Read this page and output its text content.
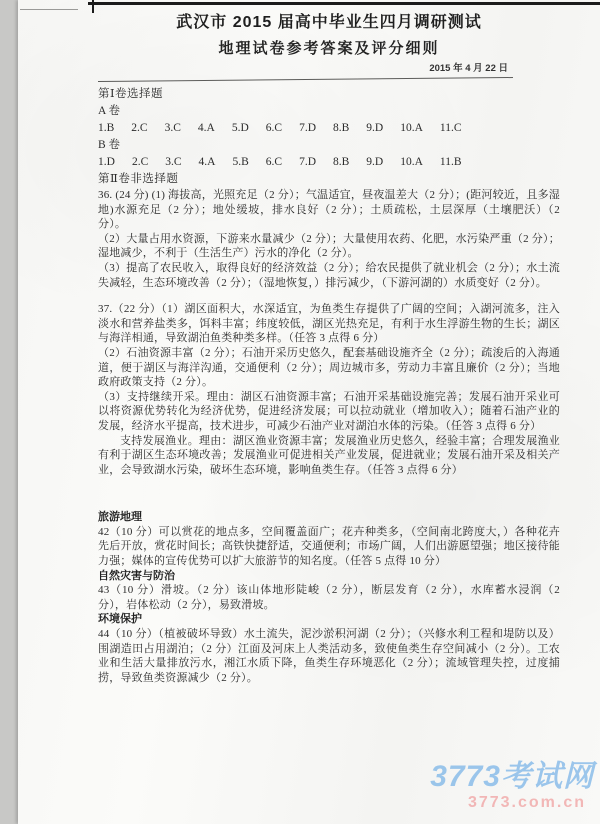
武汉市 2015 届高中毕业生四月调研测试
地理试卷参考答案及评分细则
2015 年 4 月 22 日
第Ⅰ卷选择题
A 卷
1.B 2.C 3.C 4.A 5.D 6.C 7.D 8.B 9.D 10.A 11.C
B 卷
1.D 2.C 3.C 4.A 5.B 6.C 7.D 8.B 9.D 10.A 11.B
第Ⅱ卷非选择题

36. (24 分) (1) 海拔高，光照充足（2 分）；气温适宜，昼夜温差大（2 分）；(距河较近，且多湿地)水源充足（2 分）；地处缓坡，排水良好（2 分）；土质疏松，土层深厚（土壤肥沃）（2 分）。

（2）大量占用水资源，下游来水量减少（2 分）；大量使用农药、化肥，水污染严重（2 分）；湿地减少，不利于（生活生产）污水的净化（2 分）。

（3）提高了农民收入，取得良好的经济效益（2 分）；给农民提供了就业机会（2 分）；水土流失减轻，生态环境改善（2 分）；（湿地恢复，）排污减少，（下游河湖的）水质变好（2 分）。

37.（22 分）（1）湖区面积大，水深适宜，为鱼类生存提供了广阔的空间；入湖河流多，注入淡水和营养盐类多，饵料丰富；纬度较低，湖区光热充足，有利于水生浮游生物的生长；湖区与海洋相通，导致湖泊鱼类种类多样。（任答 3 点得 6 分）

（2）石油资源丰富（2 分）；石油开采历史悠久，配套基础设施齐全（2 分）；疏浚后的入海通道，便于湖区与海洋沟通，交通便利（2 分）；周边城市多，劳动力丰富且廉价（2 分）；当地政府政策支持（2 分）。

（3）支持继续开采。理由：湖区石油资源丰富；石油开采基础设施完善；发展石油开采业可以将资源优势转化为经济优势，促进经济发展；可以拉动就业（增加收入）；随着石油产业的发展，经济水平提高，技术进步，可减少石油产业对湖泊水体的污染。（任答 3 点得 6 分）

支持发展渔业。理由：湖区渔业资源丰富；发展渔业历史悠久，经验丰富；合理发展渔业有利于湖区生态环境改善；发展渔业可促进相关产业发展，促进就业；发展石油开采及相关产业，会导致湖水污染，破坏生态环境，影响鱼类生存。（任答 3 点得 6 分）

旅游地理

42（10 分）可以赏花的地点多，空间覆盖面广；花卉种类多，（空间南北跨度大，）各种花卉先后开放，赏花时间长；高铁快捷舒适，交通便利；市场广阔，人们出游愿望强；地区接待能力强；媒体的宣传优势可以扩大旅游节的知名度。（任答 5 点得 10 分）

自然灾害与防治

43（10 分）滑坡。（2 分）该山体地形陡峻（2 分），断层发育（2 分），水库蓄水浸润（2 分），岩体松动（2 分），易致滑坡。

环境保护

44（10 分）（植被破坏导致）水土流失，泥沙淤积河湖（2 分）；（兴修水利工程和堤防以及）围湖造田占用湖泊；（2 分）江面及河床上人类活动多，致使鱼类生存空间减小（2 分）。工农业和生活大量排放污水，湘江水质下降，鱼类生存环境恶化（2 分）；流域管理失控，过度捕捞，导致鱼类资源减少（2 分）。

3773考试网
3773.com.cn
